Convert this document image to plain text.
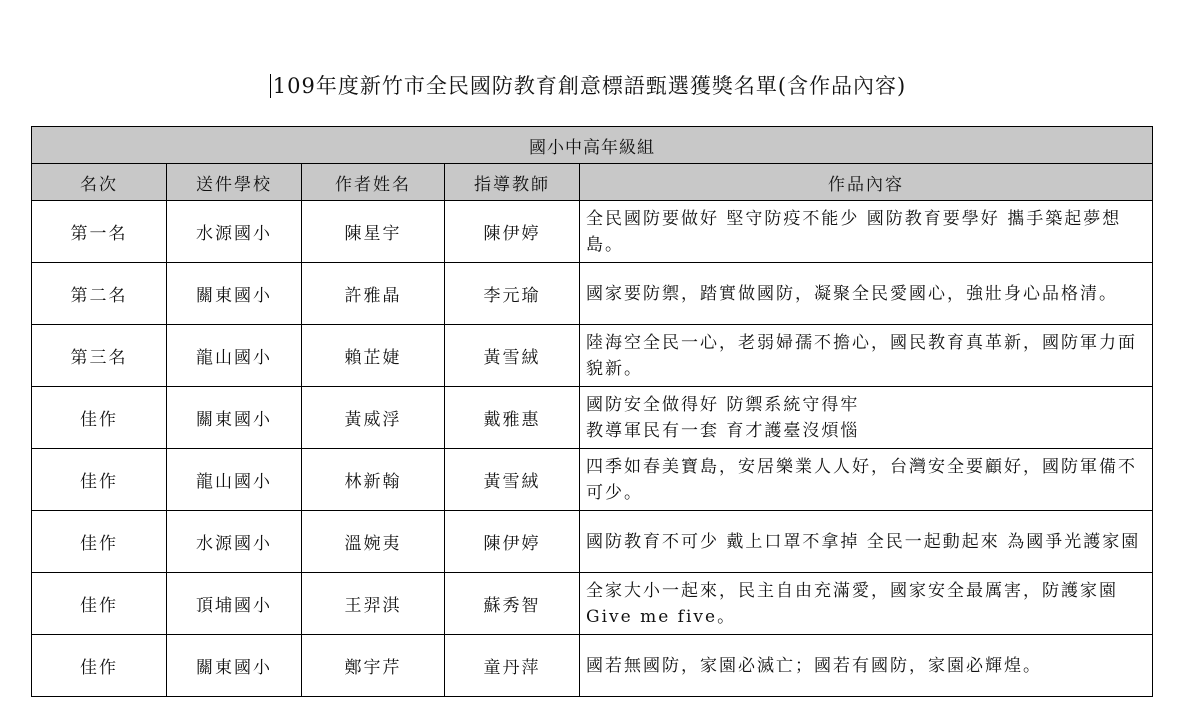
109年度新竹市全民國防教育創意標語甄選獲獎名單(含作品內容)
國小中高年級組				
名次	送件學校	作者姓名	指導教師	作品內容
第一名	水源國小	陳星宇	陳伊婷	全民國防要做好 堅守防疫不能少 國防教育要學好 攜手築起夢想島。
第二名	關東國小	許雅晶	李元瑜	國家要防禦，踏實做國防，凝聚全民愛國心，強壯身心品格清。
第三名	龍山國小	賴芷婕	黃雪絨	陸海空全民一心，老弱婦孺不擔心，國民教育真革新，國防軍力面貌新。
佳作	關東國小	黃威浮	戴雅惠	國防安全做得好 防禦系統守得牢
教導軍民有一套 育才護臺沒煩惱
佳作	龍山國小	林新翰	黃雪絨	四季如春美寶島，安居樂業人人好，台灣安全要顧好，國防軍備不可少。
佳作	水源國小	溫婉夷	陳伊婷	國防教育不可少 戴上口罩不拿掉 全民一起動起來 為國爭光護家園
佳作	頂埔國小	王羿淇	蘇秀智	全家大小一起來，民主自由充滿愛，國家安全最厲害，防護家園Give me five。
佳作	關東國小	鄭宇芹	童丹萍	國若無國防，家園必滅亡；國若有國防，家園必輝煌。
